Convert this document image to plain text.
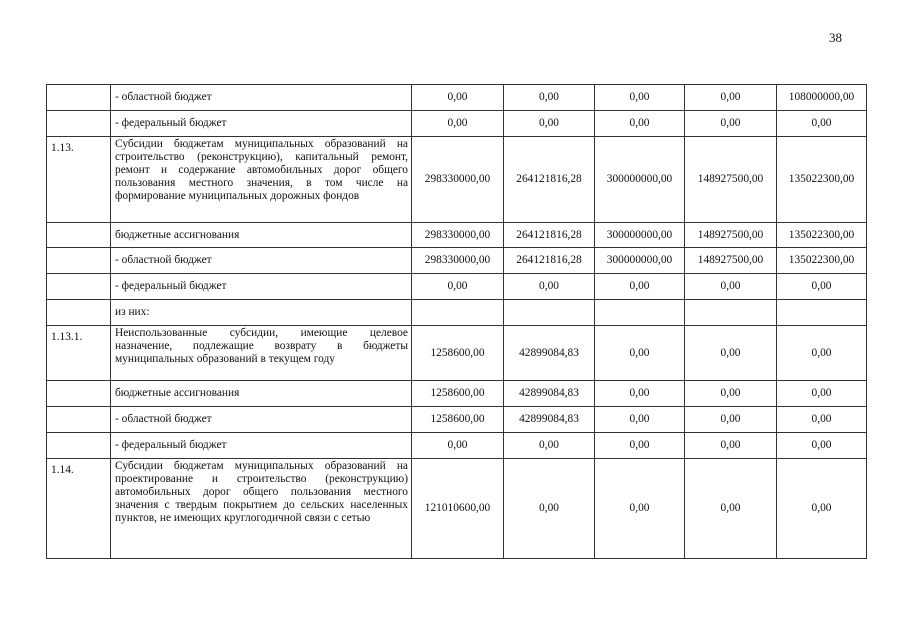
38
	- областной бюджет	0,00	0,00	0,00	0,00	108000000,00
	- федеральный бюджет	0,00	0,00	0,00	0,00	0,00
1.13.	Субсидии бюджетам муниципальных образований на строительство (реконструкцию), капитальный ремонт, ремонт и содержание автомобильных дорог общего пользования местного значения, в том числе на формирование муниципальных дорожных фондов	298330000,00	264121816,28	300000000,00	148927500,00	135022300,00
	бюджетные ассигнования	298330000,00	264121816,28	300000000,00	148927500,00	135022300,00
	- областной бюджет	298330000,00	264121816,28	300000000,00	148927500,00	135022300,00
	- федеральный бюджет	0,00	0,00	0,00	0,00	0,00
	из них:					
1.13.1.	Неиспользованные субсидии, имеющие целевое назначение, подлежащие возврату в бюджеты муниципальных образований в текущем году	1258600,00	42899084,83	0,00	0,00	0,00
	бюджетные ассигнования	1258600,00	42899084,83	0,00	0,00	0,00
	- областной бюджет	1258600,00	42899084,83	0,00	0,00	0,00
	- федеральный бюджет	0,00	0,00	0,00	0,00	0,00
1.14.	Субсидии бюджетам муниципальных образований на проектирование и строительство (реконструкцию) автомобильных дорог общего пользования местного значения с твердым покрытием до сельских населенных пунктов, не имеющих круглогодичной связи с сетью	121010600,00	0,00	0,00	0,00	0,00
